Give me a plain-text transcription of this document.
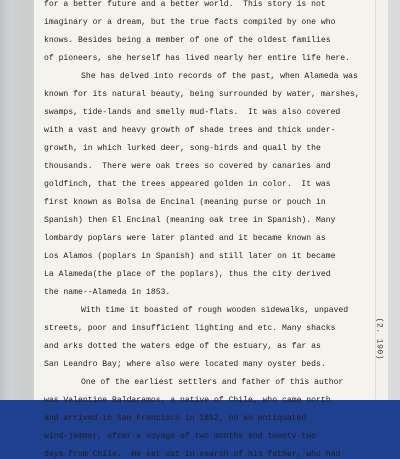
for a better future and a better world.  This story is not
imaginary or a dream, but the true facts compiled by one who
knows. Besides being a member of one of the oldest families
of pioneers, she herself has lived nearly her entire life here.
She has delved into records of the past, when Alameda was
known for its natural beauty, being surrounded by water, marshes,
swamps, tide-lands and smelly mud-flats.  It was also covered
with a vast and heavy growth of shade trees and thick under-
growth, in which lurked deer, song-birds and quail by the
thousands.  There were oak trees so covered by canaries and
goldfinch, that the trees appeared golden in color.  It was
first known as Bolsa de Encinal (meaning purse or pouch in
Spanish) then El Encinal (meaning oak tree in Spanish). Many
lombardy poplars were later planted and it became known as
Los Alamos (poplars in Spanish) and still later on it became
La Alameda(the place of the poplars), thus the city derived
the name--Alameda in 1853.
With time it boasted of rough wooden sidewalks, unpaved
streets, poor and insufficient lighting and etc. Many shacks
and arks dotted the waters edge of the estuary, as far as
San Leandro Bay; where also were located many oyster beds.
One of the earliest settlers and father of this author
was Valentine Baldaramos, a native of Chile, who came north
and arrived in San Francisco in 1852, on an antiquated
wind-jammer, after a voyage of two months and twenty-two
days from Chile.  He set out in search of his father, who had
(2. 190)
